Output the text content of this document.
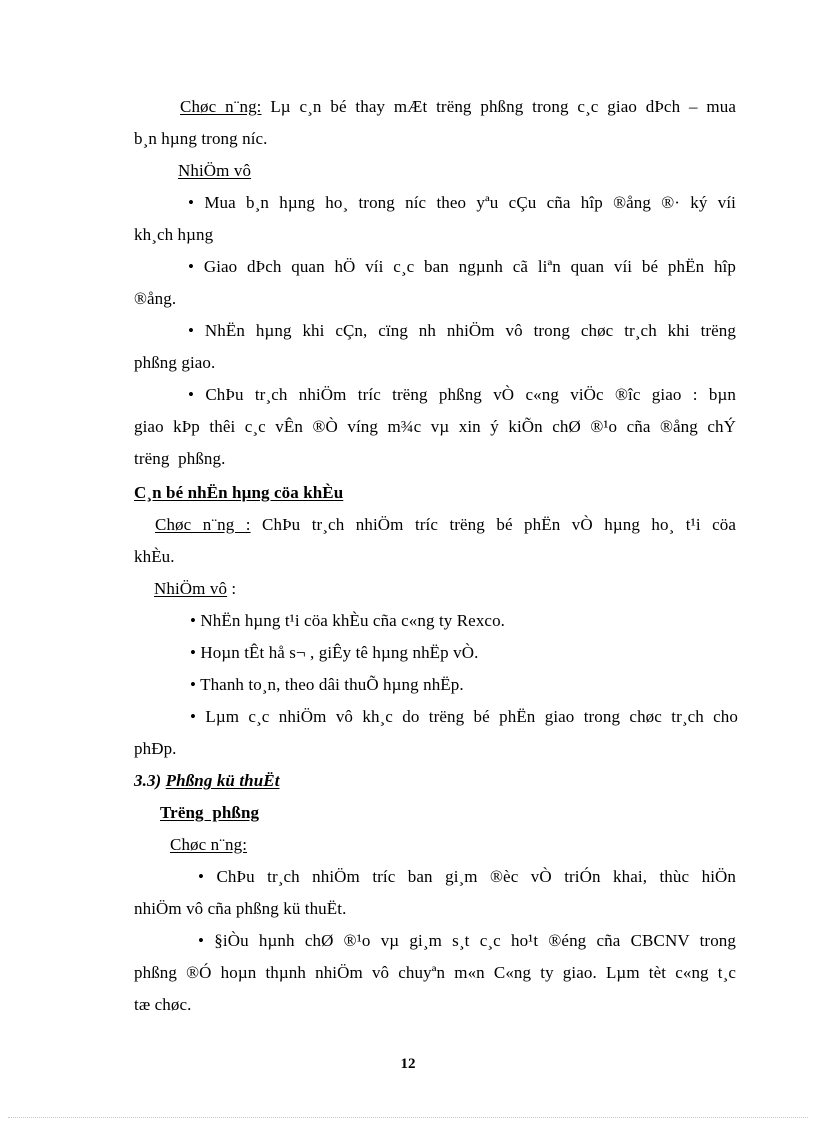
Chøc n¨ng: Lµ c¸n bé thay mÆt trëng phßng trong c¸c giao dÞch – mua
b¸n hµng trong níc.
NhiÖm vô
• Mua b¸n hµng ho¸ trong níc theo yªu cÇu cña hîp ®ång ®· ký víi
kh¸ch hµng
• Giao dÞch quan hÖ víi c¸c ban ngµnh cã liªn quan víi bé phËn hîp
®ång.
• NhËn hµng khi cÇn, cïng nh nhiÖm vô trong chøc tr¸ch khi trëng
phßng giao.
• ChÞu tr¸ch nhiÖm tríc trëng phßng vÒ c«ng viÖc ®îc giao : bµn
giao kÞp thêi c¸c vÊn ®Ò víng m¾c vµ xin ý kiÕn chØ ®¹o cña ®ång chÝ
trëng  phßng.
C¸n bé nhËn hµng cöa khÈu
Chøc n¨ng : ChÞu tr¸ch nhiÖm tríc trëng bé phËn vÒ hµng ho¸ t¹i cöa
khÈu.
NhiÖm vô :
• NhËn hµng t¹i cöa khÈu cña c«ng ty Rexco.
• Hoµn tÊt hå s¬ , giÊy tê hµng nhËp vÒ.
• Thanh to¸n, theo dâi thuÕ hµng nhËp.
• Lµm c¸c nhiÖm vô kh¸c do trëng bé phËn giao trong chøc tr¸ch cho
phÐp.
3.3) Phßng kü thuËt
Trëng  phßng
Chøc n¨ng:
• ChÞu tr¸ch nhiÖm tríc ban gi¸m ®èc vÒ triÓn khai, thùc hiÖn
nhiÖm vô cña phßng kü thuËt.
• §iÒu hµnh chØ ®¹o vµ gi¸m s¸t c¸c ho¹t ®éng cña CBCNV trong
phßng ®Ó hoµn thµnh nhiÖm vô chuyªn m«n C«ng ty giao. Lµm tèt c«ng t¸c
tæ chøc.
12
